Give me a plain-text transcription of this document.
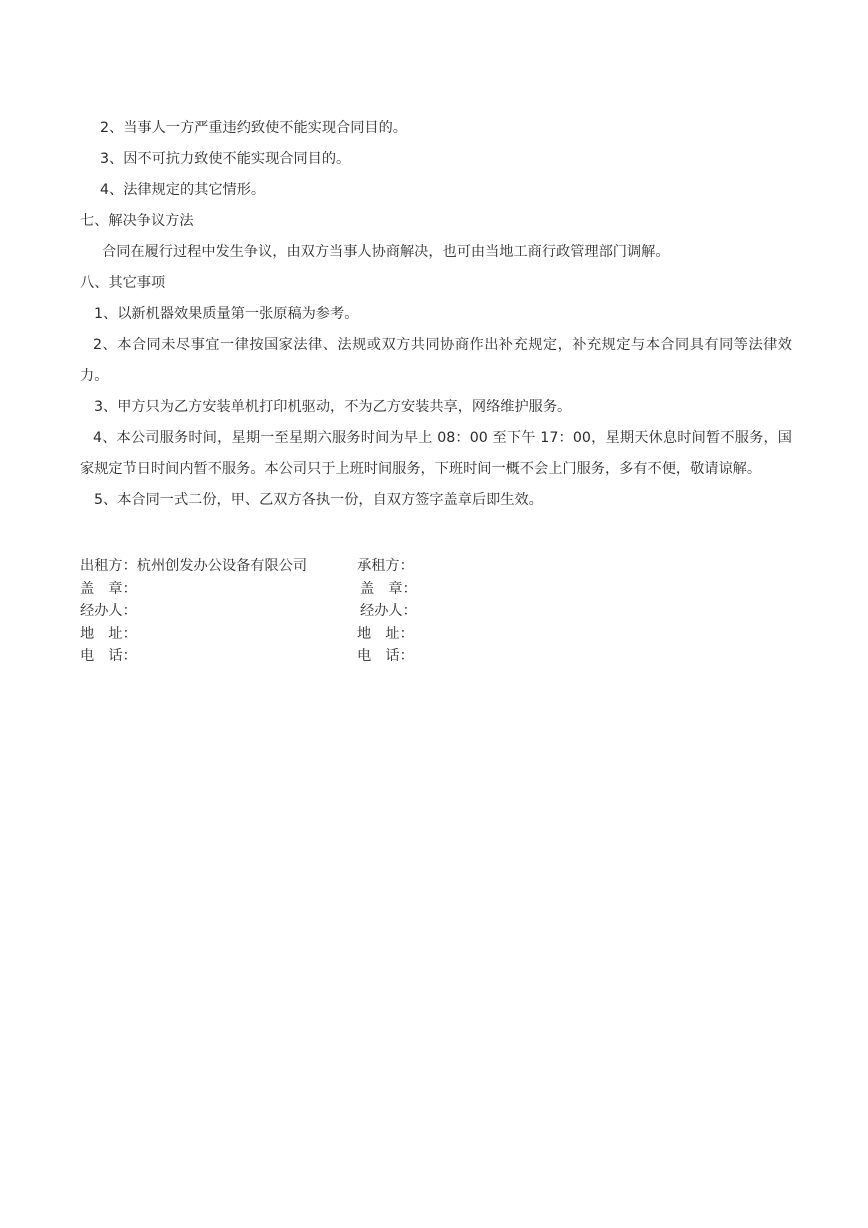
2、当事人一方严重违约致使不能实现合同目的。

3、因不可抗力致使不能实现合同目的。

4、法律规定的其它情形。

七、解决争议方法

合同在履行过程中发生争议，由双方当事人协商解决，也可由当地工商行政管理部门调解。

八、其它事项

1、以新机器效果质量第一张原稿为参考。

2、本合同未尽事宜一律按国家法律、法规或双方共同协商作出补充规定，补充规定与本合同具有同等法律效力。

3、甲方只为乙方安装单机打印机驱动，不为乙方安装共享，网络维护服务。

4、本公司服务时间，星期一至星期六服务时间为早上 08：00 至下午 17：00，星期天休息时间暂不服务，国家规定节日时间内暂不服务。本公司只于上班时间服务，下班时间一概不会上门服务，多有不便，敬请谅解。

5、本合同一式二份，甲、乙双方各执一份，自双方签字盖章后即生效。

出租方：杭州创发办公设备有限公司	承租方：
盖　章：	盖　章：
经办人：	经办人：
地　址：	地　址：
电　话：	电　话：
